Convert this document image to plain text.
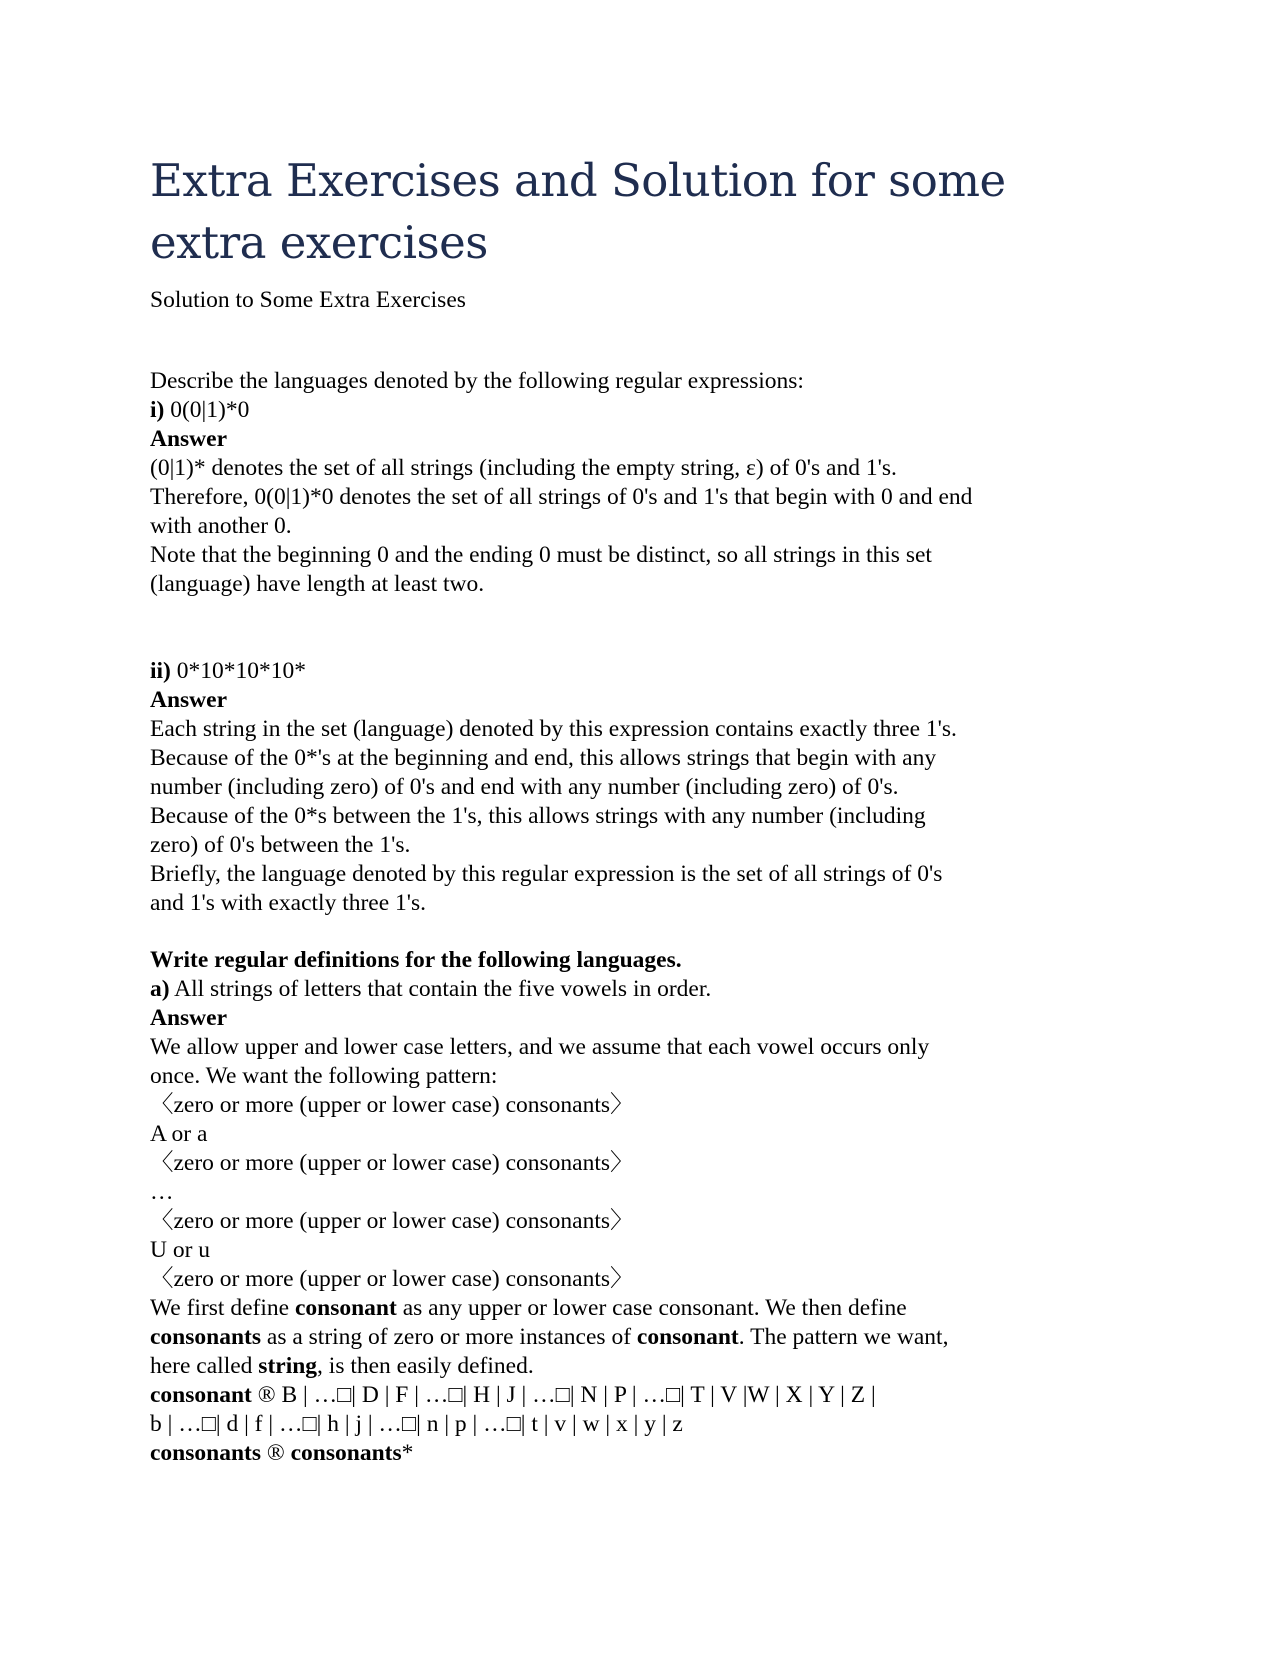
Extra Exercises and Solution for some extra exercises
Solution to Some Extra Exercises
Describe the languages denoted by the following regular expressions:
i) 0(0|1)*0
Answer
(0|1)* denotes the set of all strings (including the empty string, ε) of 0's and 1's.
Therefore, 0(0|1)*0 denotes the set of all strings of 0's and 1's that begin with 0 and end
with another 0.
Note that the beginning 0 and the ending 0 must be distinct, so all strings in this set
(language) have length at least two.
ii) 0*10*10*10*
Answer
Each string in the set (language) denoted by this expression contains exactly three 1's.
Because of the 0*'s at the beginning and end, this allows strings that begin with any
number (including zero) of 0's and end with any number (including zero) of 0's.
Because of the 0*s between the 1's, this allows strings with any number (including
zero) of 0's between the 1's.
Briefly, the language denoted by this regular expression is the set of all strings of 0's
and 1's with exactly three 1's.
Write regular definitions for the following languages.
a) All strings of letters that contain the five vowels in order.
Answer
We allow upper and lower case letters, and we assume that each vowel occurs only
once. We want the following pattern:
〈zero or more (upper or lower case) consonants〉
A or a
〈zero or more (upper or lower case) consonants〉
…
〈zero or more (upper or lower case) consonants〉
U or u
〈zero or more (upper or lower case) consonants〉
We first define consonant as any upper or lower case consonant. We then define
consonants as a string of zero or more instances of consonant. The pattern we want,
here called string, is then easily defined.
consonant ® B | …□| D | F | …□| H | J | …□| N | P | …□| T | V |W | X | Y | Z |
b | …□| d | f | …□| h | j | …□| n | p | …□| t | v | w | x | y | z
consonants ® consonants*
